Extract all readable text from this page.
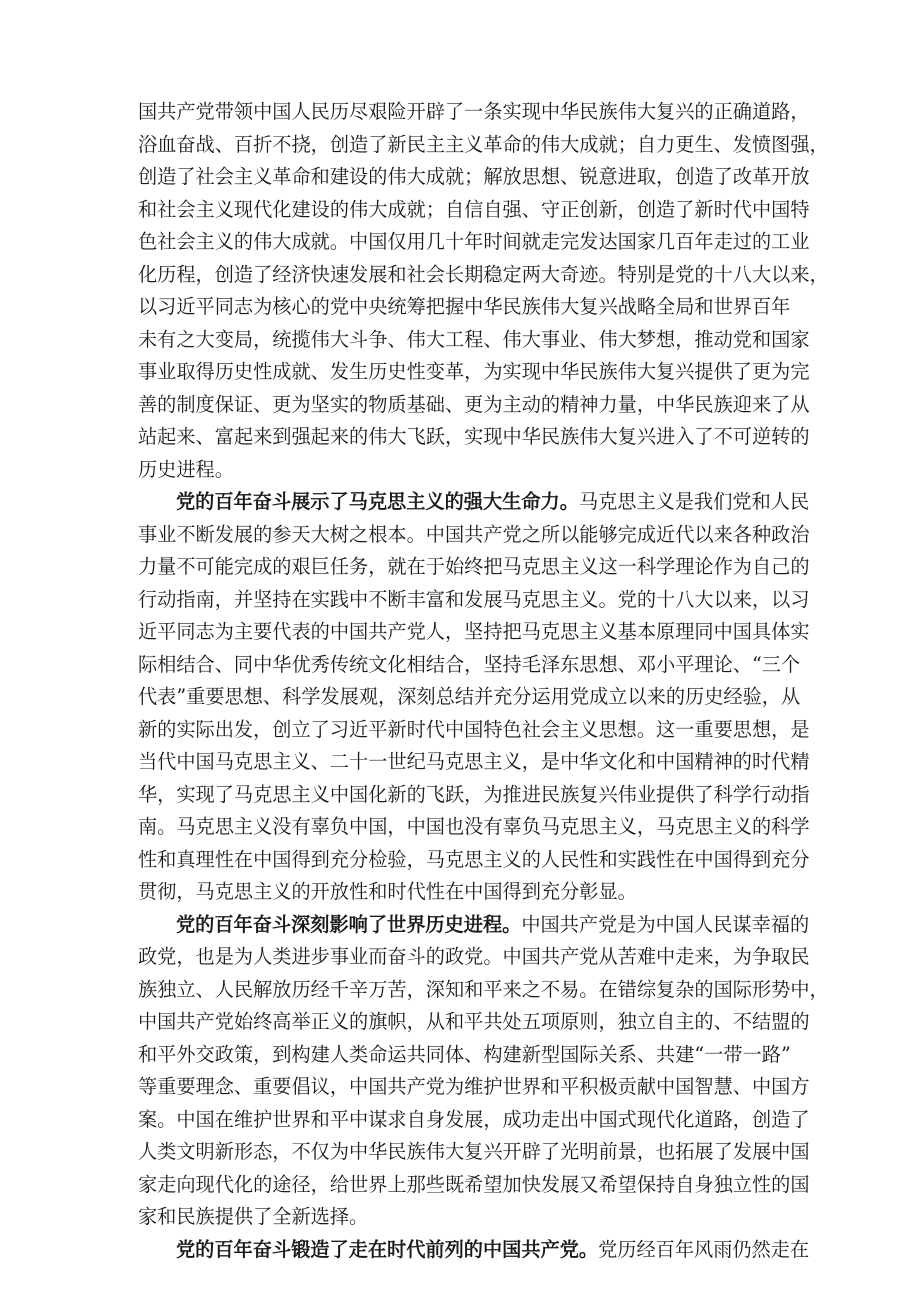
国共产党带领中国人民历尽艰险开辟了一条实现中华民族伟大复兴的正确道路，
浴血奋战、百折不挠，创造了新民主主义革命的伟大成就；自力更生、发愤图强，
创造了社会主义革命和建设的伟大成就；解放思想、锐意进取，创造了改革开放
和社会主义现代化建设的伟大成就；自信自强、守正创新，创造了新时代中国特
色社会主义的伟大成就。中国仅用几十年时间就走完发达国家几百年走过的工业
化历程，创造了经济快速发展和社会长期稳定两大奇迹。特别是党的十八大以来，
以习近平同志为核心的党中央统筹把握中华民族伟大复兴战略全局和世界百年
未有之大变局，统揽伟大斗争、伟大工程、伟大事业、伟大梦想，推动党和国家
事业取得历史性成就、发生历史性变革，为实现中华民族伟大复兴提供了更为完
善的制度保证、更为坚实的物质基础、更为主动的精神力量，中华民族迎来了从
站起来、富起来到强起来的伟大飞跃，实现中华民族伟大复兴进入了不可逆转的
历史进程。
党的百年奋斗展示了马克思主义的强大生命力。马克思主义是我们党和人民
事业不断发展的参天大树之根本。中国共产党之所以能够完成近代以来各种政治
力量不可能完成的艰巨任务，就在于始终把马克思主义这一科学理论作为自己的
行动指南，并坚持在实践中不断丰富和发展马克思主义。党的十八大以来，以习
近平同志为主要代表的中国共产党人，坚持把马克思主义基本原理同中国具体实
际相结合、同中华优秀传统文化相结合，坚持毛泽东思想、邓小平理论、“三个
代表”重要思想、科学发展观，深刻总结并充分运用党成立以来的历史经验，从
新的实际出发，创立了习近平新时代中国特色社会主义思想。这一重要思想，是
当代中国马克思主义、二十一世纪马克思主义，是中华文化和中国精神的时代精
华，实现了马克思主义中国化新的飞跃，为推进民族复兴伟业提供了科学行动指
南。马克思主义没有辜负中国，中国也没有辜负马克思主义，马克思主义的科学
性和真理性在中国得到充分检验，马克思主义的人民性和实践性在中国得到充分
贯彻，马克思主义的开放性和时代性在中国得到充分彰显。
党的百年奋斗深刻影响了世界历史进程。中国共产党是为中国人民谋幸福的
政党，也是为人类进步事业而奋斗的政党。中国共产党从苦难中走来，为争取民
族独立、人民解放历经千辛万苦，深知和平来之不易。在错综复杂的国际形势中，
中国共产党始终高举正义的旗帜，从和平共处五项原则，独立自主的、不结盟的
和平外交政策，到构建人类命运共同体、构建新型国际关系、共建“一带一路”
等重要理念、重要倡议，中国共产党为维护世界和平积极贡献中国智慧、中国方
案。中国在维护世界和平中谋求自身发展，成功走出中国式现代化道路，创造了
人类文明新形态，不仅为中华民族伟大复兴开辟了光明前景，也拓展了发展中国
家走向现代化的途径，给世界上那些既希望加快发展又希望保持自身独立性的国
家和民族提供了全新选择。
党的百年奋斗锻造了走在时代前列的中国共产党。党历经百年风雨仍然走在
